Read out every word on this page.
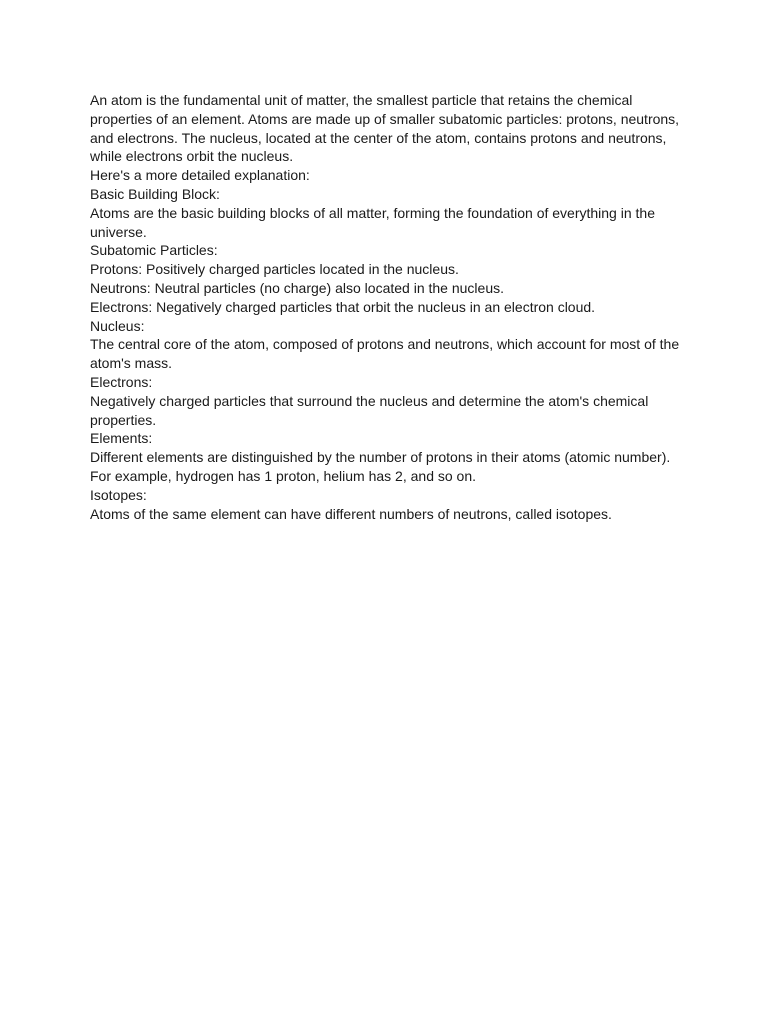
An atom is the fundamental unit of matter, the smallest particle that retains the chemical properties of an element. Atoms are made up of smaller subatomic particles: protons, neutrons, and electrons. The nucleus, located at the center of the atom, contains protons and neutrons, while electrons orbit the nucleus.

Here's a more detailed explanation:

Basic Building Block:

Atoms are the basic building blocks of all matter, forming the foundation of everything in the universe.

Subatomic Particles:

Protons: Positively charged particles located in the nucleus.

Neutrons: Neutral particles (no charge) also located in the nucleus.

Electrons: Negatively charged particles that orbit the nucleus in an electron cloud.

Nucleus:

The central core of the atom, composed of protons and neutrons, which account for most of the atom's mass.

Electrons:

Negatively charged particles that surround the nucleus and determine the atom's chemical properties.

Elements:

Different elements are distinguished by the number of protons in their atoms (atomic number). For example, hydrogen has 1 proton, helium has 2, and so on.

Isotopes:

Atoms of the same element can have different numbers of neutrons, called isotopes.
